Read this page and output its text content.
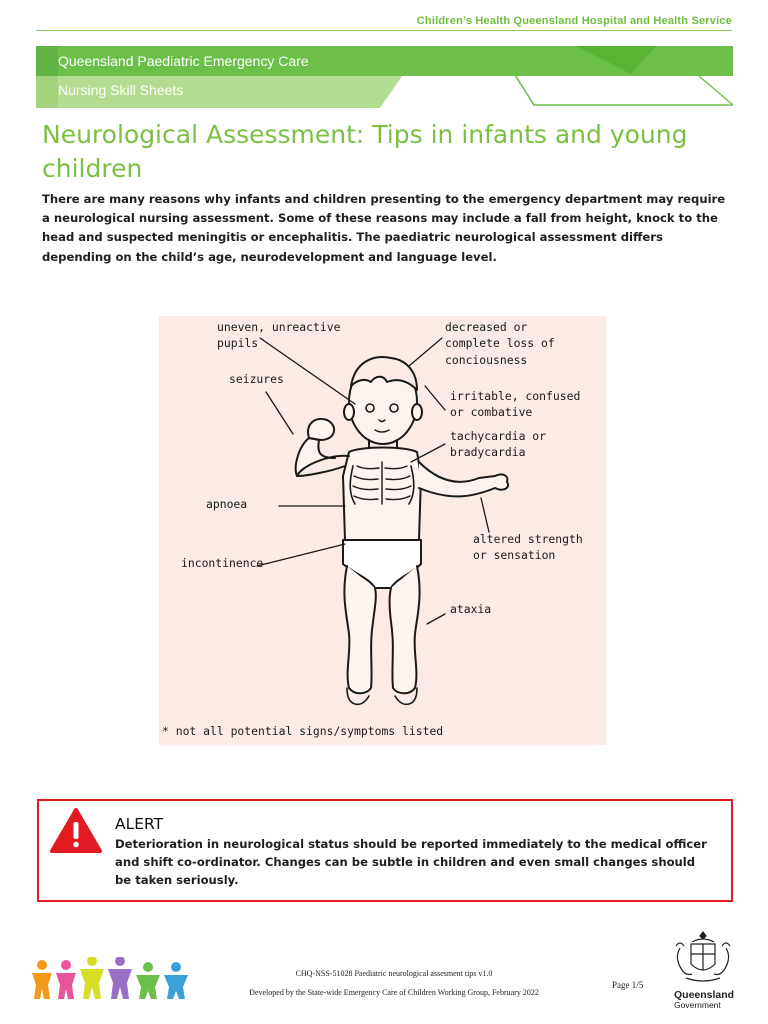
Children’s Health Queensland Hospital and Health Service
Queensland Paediatric Emergency Care
Nursing Skill Sheets
Neurological Assessment: Tips in infants and young children

There are many reasons why infants and children presenting to the emergency department may require a neurological nursing assessment. Some of these reasons may include a fall from height, knock to the head and suspected meningitis or encephalitis. The paediatric neurological assessment differs depending on the child’s age, neurodevelopment and language level.

uneven, unreactive
pupils
decreased or
complete loss of
conciousness
seizures
irritable, confused
or combative
tachycardia or
bradycardia
apnoea
altered strength
or sensation
incontinence
ataxia
* not all potential signs/symptoms listed
ALERT
Deterioration in neurological status should be reported immediately to the medical officer and shift co-ordinator. Changes can be subtle in children and even small changes should be taken seriously.
CHQ-NSS-51028 Paediatric neurological assesment tips v1.0
Developed by the State-wide Emergency Care of Children Working Group, February 2022
Page 1/5
Queensland
Government
